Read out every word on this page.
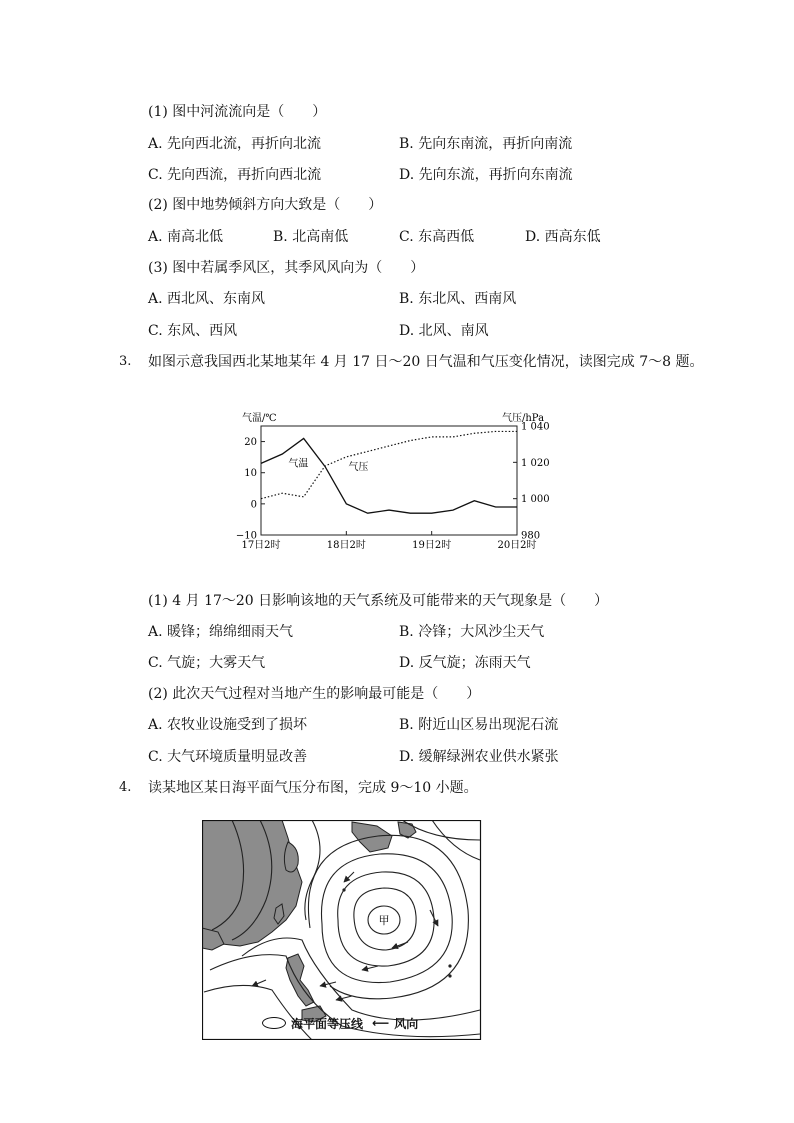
(1) 图中河流流向是（　　）
A. 先向西北流，再折向北流	B. 先向东南流，再折向南流
C. 先向西流，再折向西北流	D. 先向东流，再折向东南流
(2) 图中地势倾斜方向大致是（　　）
A. 南高北低	B. 北高南低	C. 东高西低	D. 西高东低
(3) 图中若属季风区，其季风风向为（　　）
A. 西北风、东南风	B. 东北风、西南风
C. 东风、西风	D. 北风、南风
3. 如图示意我国西北某地某年 4 月 17 日～20 日气温和气压变化情况，读图完成 7～8 题。
气温/℃	气压/hPa
20
10
0
−10
1 040
1 020
1 000
980
17日2时	18日2时	19日2时	20日2时
气温	气压
(1) 4 月 17～20 日影响该地的天气系统及可能带来的天气现象是（　　）
A. 暖锋；绵绵细雨天气	B. 冷锋；大风沙尘天气
C. 气旋；大雾天气	D. 反气旋；冻雨天气
(2) 此次天气过程对当地产生的影响最可能是（　　）
A. 农牧业设施受到了损坏	B. 附近山区易出现泥石流
C. 大气环境质量明显改善	D. 缓解绿洲农业供水紧张
4. 读某地区某日海平面气压分布图，完成 9～10 小题。
甲
海平面等压线 ⟵ 风向
